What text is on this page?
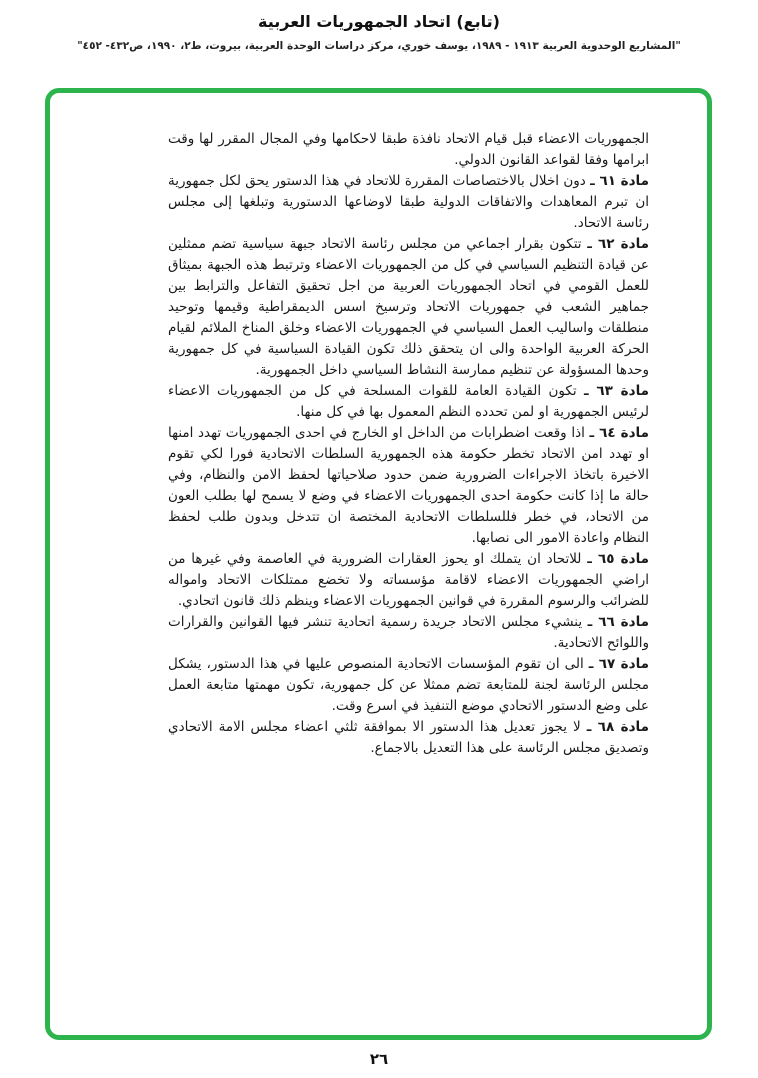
(تابع) اتحاد الجمهوريات العربية
"المشاريع الوحدوية العربية ١٩١٣ - ١٩٨٩، يوسف خوري، مركز دراسات الوحدة العربية، بيروت، ط٢، ١٩٩٠، ص٤٣٢- ٤٥٢"

الجمهوريات الاعضاء قبل قيام الاتحاد نافذة طبقا لاحكامها وفي المجال المقرر لها وقت ابرامها وفقا لقواعد القانون الدولي.

مادة ٦١ ـ دون اخلال بالاختصاصات المقررة للاتحاد في هذا الدستور يحق لكل جمهورية ان تبرم المعاهدات والاتفاقات الدولية طبقا لاوضاعها الدستورية وتبلغها إلى مجلس رئاسة الاتحاد.

مادة ٦٢ ـ تتكون بقرار اجماعي من مجلس رئاسة الاتحاد جبهة سياسية تضم ممثلين عن قيادة التنظيم السياسي في كل من الجمهوريات الاعضاء وترتبط هذه الجبهة بميثاق للعمل القومي في اتحاد الجمهوريات العربية من اجل تحقيق التفاعل والترابط بين جماهير الشعب في جمهوريات الاتحاد وترسيخ اسس الديمقراطية وقيمها وتوحيد منطلقات واساليب العمل السياسي في الجمهوريات الاعضاء وخلق المناخ الملائم لقيام الحركة العربية الواحدة والى ان يتحقق ذلك تكون القيادة السياسية في كل جمهورية وحدها المسؤولة عن تنظيم ممارسة النشاط السياسي داخل الجمهورية.

مادة ٦٣ ـ تكون القيادة العامة للقوات المسلحة في كل من الجمهوريات الاعضاء لرئيس الجمهورية او لمن تحدده النظم المعمول بها في كل منها.

مادة ٦٤ ـ اذا وقعت اضطرابات من الداخل او الخارج في احدى الجمهوريات تهدد امنها او تهدد امن الاتحاد تخطر حكومة هذه الجمهورية السلطات الاتحادية فورا لكي تقوم الاخيرة باتخاذ الاجراءات الضرورية ضمن حدود صلاحياتها لحفظ الامن والنظام، وفي حالة ما إذا كانت حكومة احدى الجمهوريات الاعضاء في وضع لا يسمح لها بطلب العون من الاتحاد، في خطر فللسلطات الاتحادية المختصة ان تتدخل وبدون طلب لحفظ النظام واعادة الامور الى نصابها.

مادة ٦٥ ـ للاتحاد ان يتملك او يحوز العقارات الضرورية في العاصمة وفي غيرها من اراضي الجمهوريات الاعضاء لاقامة مؤسساته ولا تخضع ممتلكات الاتحاد وامواله للضرائب والرسوم المقررة في قوانين الجمهوريات الاعضاء وينظم ذلك قانون اتحادي.

مادة ٦٦ ـ ينشيء مجلس الاتحاد جريدة رسمية اتحادية تنشر فيها القوانين والقرارات واللوائح الاتحادية.

مادة ٦٧ ـ الى ان تقوم المؤسسات الاتحادية المنصوص عليها في هذا الدستور، يشكل مجلس الرئاسة لجنة للمتابعة تضم ممثلا عن كل جمهورية، تكون مهمتها متابعة العمل على وضع الدستور الاتحادي موضع التنفيذ في اسرع وقت.

مادة ٦٨ ـ لا يجوز تعديل هذا الدستور الا بموافقة ثلثي اعضاء مجلس الامة الاتحادي وتصديق مجلس الرئاسة على هذا التعديل بالاجماع.

٢٦
